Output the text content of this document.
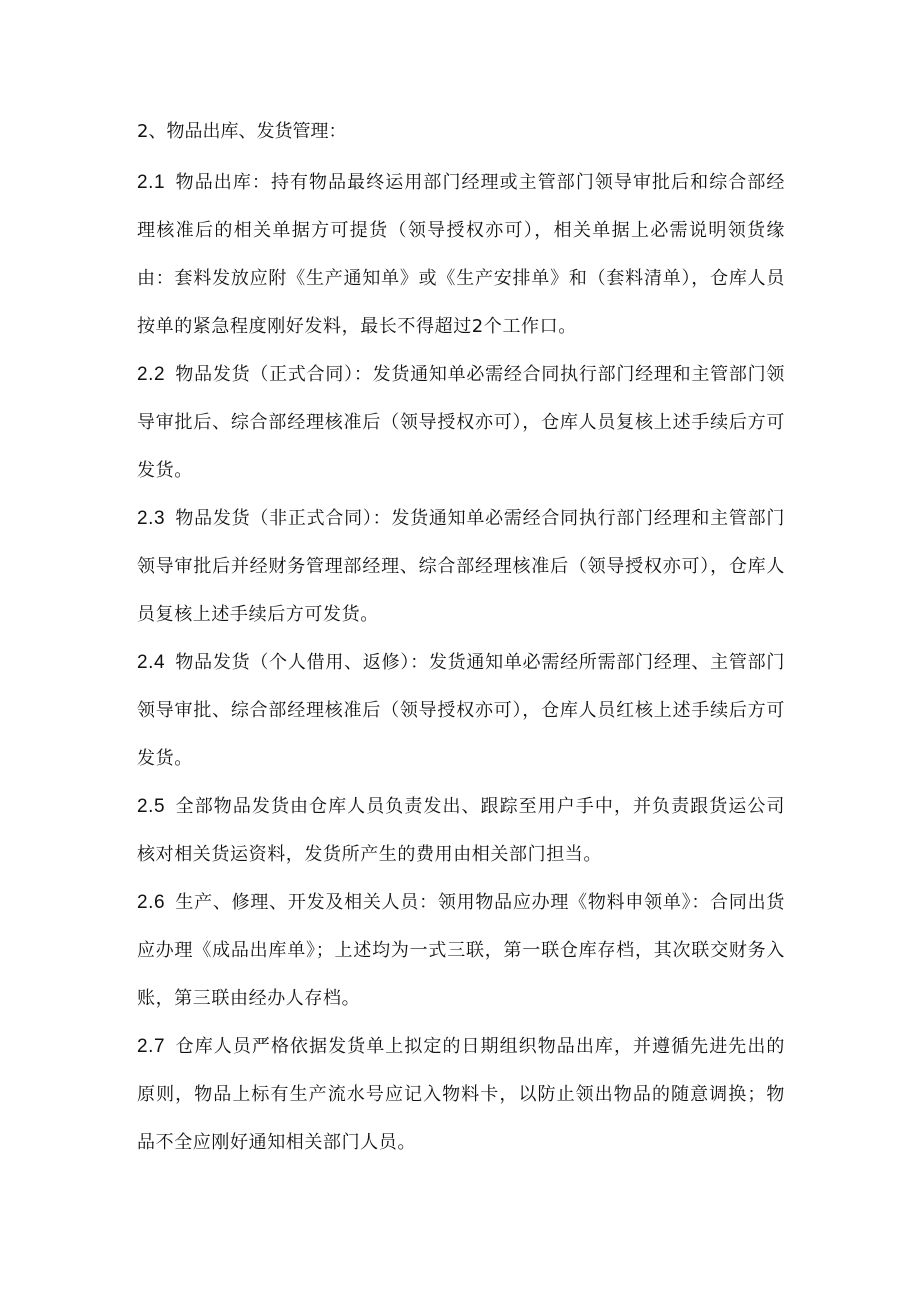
2、物品出库、发货管理：

2.1 物品出库：持有物品最终运用部门经理或主管部门领导审批后和综合部经理核准后的相关单据方可提货（领导授权亦可），相关单据上必需说明领货缘由：套料发放应附《生产通知单》或《生产安排单》和（套料清单），仓库人员按单的紧急程度刚好发料，最长不得超过2个工作口。

2.2 物品发货（正式合同）：发货通知单必需经合同执行部门经理和主管部门领导审批后、综合部经理核准后（领导授权亦可），仓库人员复核上述手续后方可发货。

2.3 物品发货（非正式合同）：发货通知单必需经合同执行部门经理和主管部门领导审批后并经财务管理部经理、综合部经理核准后（领导授权亦可），仓库人员复核上述手续后方可发货。

2.4 物品发货（个人借用、返修）：发货通知单必需经所需部门经理、主管部门领导审批、综合部经理核准后（领导授权亦可），仓库人员红核上述手续后方可发货。

2.5 全部物品发货由仓库人员负责发出、跟踪至用户手中，并负责跟货运公司核对相关货运资料，发货所产生的费用由相关部门担当。

2.6 生产、修理、开发及相关人员：领用物品应办理《物料申领单》：合同出货应办理《成品出库单》；上述均为一式三联，第一联仓库存档，其次联交财务入账，第三联由经办人存档。

2.7 仓库人员严格依据发货单上拟定的日期组织物品出库，并遵循先进先出的原则，物品上标有生产流水号应记入物料卡，以防止领出物品的随意调换；物品不全应刚好通知相关部门人员。
